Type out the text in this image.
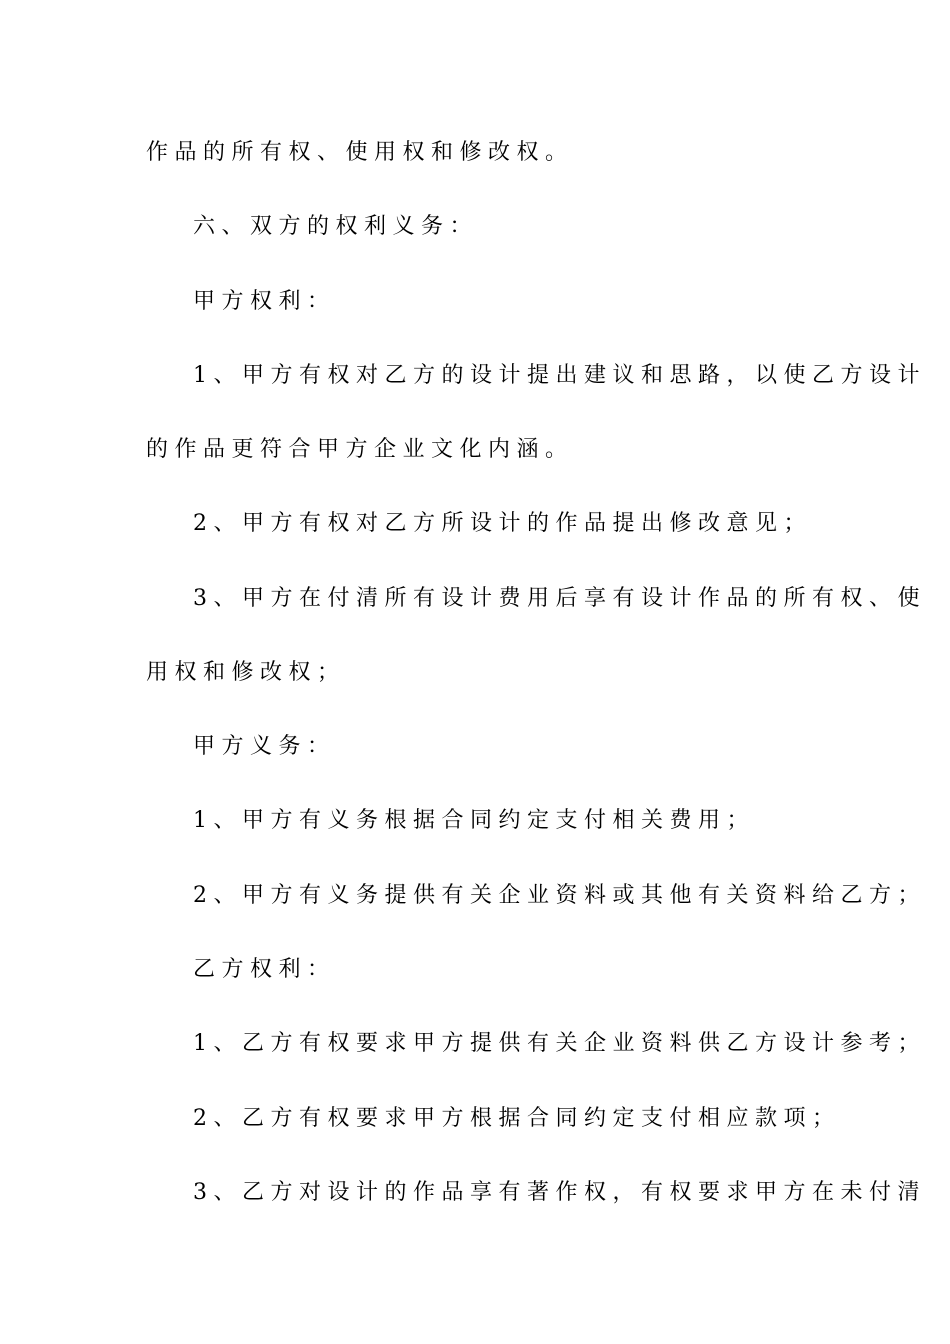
作品的所有权、使用权和修改权。

六、双方的权利义务：

甲方权利：

1、甲方有权对乙方的设计提出建议和思路，以使乙方设计

的作品更符合甲方企业文化内涵。

2、甲方有权对乙方所设计的作品提出修改意见；

3、甲方在付清所有设计费用后享有设计作品的所有权、使

用权和修改权；

甲方义务：

1、甲方有义务根据合同约定支付相关费用；

2、甲方有义务提供有关企业资料或其他有关资料给乙方；

乙方权利：

1、乙方有权要求甲方提供有关企业资料供乙方设计参考；

2、乙方有权要求甲方根据合同约定支付相应款项；

3、乙方对设计的作品享有著作权，有权要求甲方在未付清
